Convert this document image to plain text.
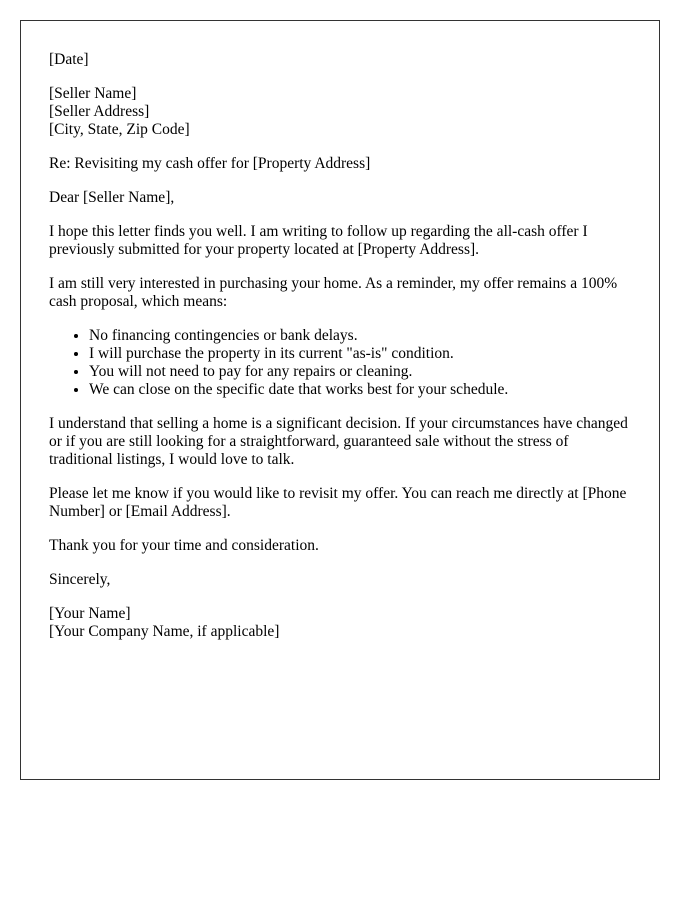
[Date]

[Seller Name]
[Seller Address]
[City, State, Zip Code]

Re: Revisiting my cash offer for [Property Address]

Dear [Seller Name],

I hope this letter finds you well. I am writing to follow up regarding the all-cash offer I previously submitted for your property located at [Property Address].

I am still very interested in purchasing your home. As a reminder, my offer remains a 100% cash proposal, which means:

• No financing contingencies or bank delays.
• I will purchase the property in its current "as-is" condition.
• You will not need to pay for any repairs or cleaning.
• We can close on the specific date that works best for your schedule.

I understand that selling a home is a significant decision. If your circumstances have changed or if you are still looking for a straightforward, guaranteed sale without the stress of traditional listings, I would love to talk.

Please let me know if you would like to revisit my offer. You can reach me directly at [Phone Number] or [Email Address].

Thank you for your time and consideration.

Sincerely,

[Your Name]
[Your Company Name, if applicable]
